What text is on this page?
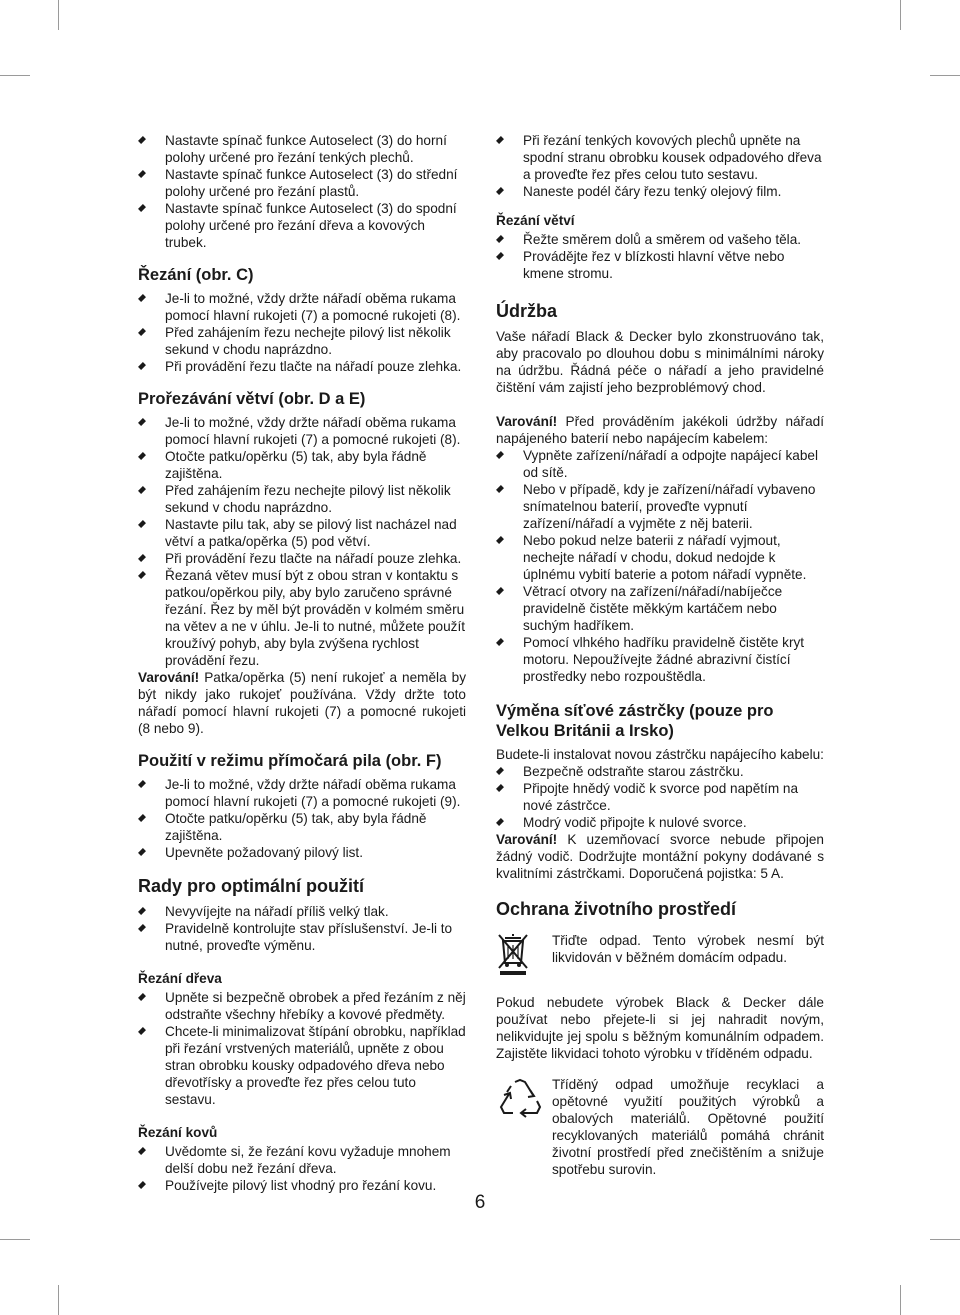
Nastavte spínač funkce Autoselect (3) do horní polohy určené pro řezání tenkých plechů.
Nastavte spínač funkce Autoselect (3) do střední polohy určené pro řezání plastů.
Nastavte spínač funkce Autoselect (3) do spodní polohy určené pro řezání dřeva a kovových trubek.
Řezání (obr. C)
Je-li to možné, vždy držte nářadí oběma rukama pomocí hlavní rukojeti (7) a pomocné rukojeti (8).
Před zahájením řezu nechejte pilový list několik sekund v chodu naprázdno.
Při provádění řezu tlačte na nářadí pouze zlehka.
Prořezávání větví (obr. D a E)
Je-li to možné, vždy držte nářadí oběma rukama pomocí hlavní rukojeti (7) a pomocné rukojeti (8).
Otočte patku/opěrku (5) tak, aby byla řádně zajištěna.
Před zahájením řezu nechejte pilový list několik sekund v chodu naprázdno.
Nastavte pilu tak, aby se pilový list nacházel nad větví a patka/opěrka (5) pod větví.
Při provádění řezu tlačte na nářadí pouze zlehka.
Řezaná větev musí být z obou stran v kontaktu s patkou/opěrkou pily, aby bylo zaručeno správné řezání. Řez by měl být prováděn v kolmém směru na větev a ne v úhlu. Je-li to nutné, můžete použít kroužívý pohyb, aby byla zvýšena rychlost provádění řezu.

Varování! Patka/opěrka (5) není rukojeť a neměla by být nikdy jako rukojeť používána. Vždy držte toto nářadí pomocí hlavní rukojeti (7) a pomocné rukojeti (8 nebo 9).

Použití v režimu přímočará pila (obr. F)
Je-li to možné, vždy držte nářadí oběma rukama pomocí hlavní rukojeti (7) a pomocné rukojeti (9).
Otočte patku/opěrku (5) tak, aby byla řádně zajištěna.
Upevněte požadovaný pilový list.
Rady pro optimální použití
Nevyvíjejte na nářadí příliš velký tlak.
Pravidelně kontrolujte stav příslušenství. Je-li to nutné, proveďte výměnu.
Řezání dřeva
Upněte si bezpečně obrobek a před řezáním z něj odstraňte všechny hřebíky a kovové předměty.
Chcete-li minimalizovat štípání obrobku, například při řezání vrstvených materiálů, upněte z obou stran obrobku kousky odpadového dřeva nebo dřevotřísky a proveďte řez přes celou tuto sestavu.
Řezání kovů
Uvědomte si, že řezání kovu vyžaduje mnohem delší dobu než řezání dřeva.
Používejte pilový list vhodný pro řezání kovu.
Při řezání tenkých kovových plechů upněte na spodní stranu obrobku kousek odpadového dřeva a proveďte řez přes celou tuto sestavu.
Naneste podél čáry řezu tenký olejový film.
Řezání větví
Řežte směrem dolů a směrem od vašeho těla.
Provádějte řez v blízkosti hlavní větve nebo kmene stromu.
Údržba

Vaše nářadí Black & Decker bylo zkonstruováno tak, aby pracovalo po dlouhou dobu s minimálními nároky na údržbu. Řádná péče o nářadí a jeho pravidelné čištění vám zajistí jeho bezproblémový chod.

Varování! Před prováděním jakékoli údržby nářadí napájeného baterií nebo napájecím kabelem:

Vypněte zařízení/nářadí a odpojte napájecí kabel od sítě.
Nebo v případě, kdy je zařízení/nářadí vybaveno snímatelnou baterií, proveďte vypnutí zařízení/nářadí a vyjměte z něj baterii.
Nebo pokud nelze baterii z nářadí vyjmout, nechejte nářadí v chodu, dokud nedojde k úplnému vybití baterie a potom nářadí vypněte.
Větrací otvory na zařízení/nářadí/nabíječce pravidelně čistěte měkkým kartáčem nebo suchým hadříkem.
Pomocí vlhkého hadříku pravidelně čistěte kryt motoru. Nepoužívejte žádné abrazivní čistící prostředky nebo rozpouštědla.
Výměna síťové zástrčky (pouze pro Velkou Británii a Irsko)

Budete-li instalovat novou zástrčku napájecího kabelu:

Bezpečně odstraňte starou zástrčku.
Připojte hnědý vodič k svorce pod napětím na nové zástrčce.
Modrý vodič připojte k nulové svorce.

Varování! K uzemňovací svorce nebude připojen žádný vodič. Dodržujte montážní pokyny dodávané s kvalitními zástrčkami. Doporučená pojistka: 5 A.

Ochrana životního prostředí

Třiďte odpad. Tento výrobek nesmí být likvidován v běžném domácím odpadu.

Pokud nebudete výrobek Black & Decker dále používat nebo přejete-li si jej nahradit novým, nelikvidujte jej spolu s běžným komunálním odpadem. Zajistěte likvidaci tohoto výrobku v tříděném odpadu.

Tříděný odpad umožňuje recyklaci a opětovné využití použitých výrobků a obalových materiálů. Opětovné použití recyklovaných materiálů pomáhá chránit životní prostředí před znečištěním a snižuje spotřebu surovin.

6
